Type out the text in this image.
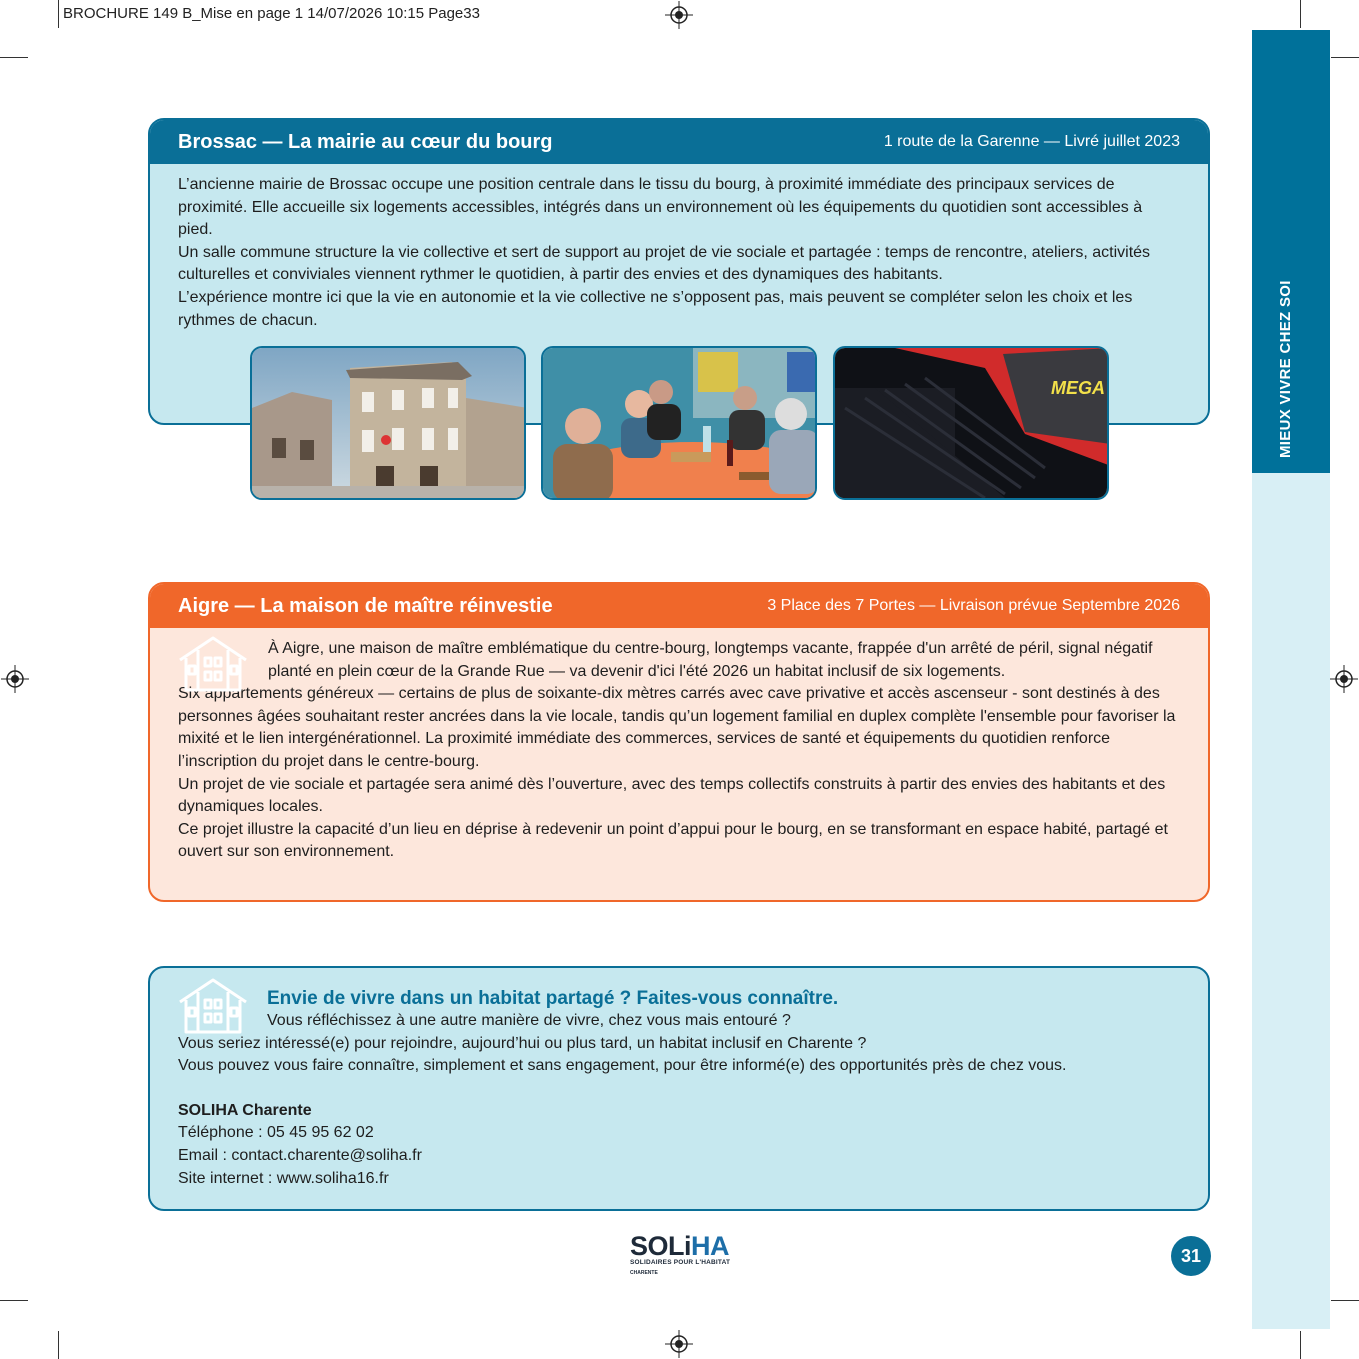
BROCHURE 149 B_Mise en page 1 14/07/2026 10:15 Page33
MIEUX VIVRE CHEZ SOI
Brossac — La mairie au cœur du bourg	1 route de la Garenne — Livré juillet 2023

L’ancienne mairie de Brossac occupe une position centrale dans le tissu du bourg, à proximité immédiate des principaux services de proximité. Elle accueille six logements accessibles, intégrés dans un environnement où les équipements du quotidien sont accessibles à pied.

Un salle commune structure la vie collective et sert de support au projet de vie sociale et partagée : temps de rencontre, ateliers, activités culturelles et conviviales viennent rythmer le quotidien, à partir des envies et des dynamiques des habitants.

L’expérience montre ici que la vie en autonomie et la vie collective ne s’opposent pas, mais peuvent se compléter selon les choix et les rythmes de chacun.

MEGA
Aigre — La maison de maître réinvestie	3 Place des 7 Portes — Livraison prévue Septembre 2026

À Aigre, une maison de maître emblématique du centre-bourg, longtemps vacante, frappée d'un arrêté de péril, signal négatif planté en plein cœur de la Grande Rue — va devenir d'ici l'été 2026 un habitat inclusif de six logements.

Six appartements généreux — certains de plus de soixante-dix mètres carrés avec cave privative et accès ascenseur - sont destinés à des personnes âgées souhaitant rester ancrées dans la vie locale, tandis qu’un logement familial en duplex complète l'ensemble pour favoriser la mixité et le lien intergénérationnel. La proximité immédiate des commerces, services de santé et équipements du quotidien renforce l’inscription du projet dans le centre-bourg.

Un projet de vie sociale et partagée sera animé dès l’ouverture, avec des temps collectifs construits à partir des envies des habitants et des dynamiques locales.

Ce projet illustre la capacité d’un lieu en déprise à redevenir un point d’appui pour le bourg, en se transformant en espace habité, partagé et ouvert sur son environnement.

Envie de vivre dans un habitat partagé ? Faites-vous connaître.
Vous réfléchissez à une autre manière de vivre, chez vous mais entouré ?
Vous seriez intéressé(e) pour rejoindre, aujourd’hui ou plus tard, un habitat inclusif en Charente ?
Vous pouvez vous faire connaître, simplement et sans engagement, pour être informé(e) des opportunités près de chez vous.
SOLIHA Charente
Téléphone : 05 45 95 62 02
Email : contact.charente@soliha.fr
Site internet : www.soliha16.fr
SOLiHA
SOLIDAIRES POUR L'HABITAT
CHARENTE
31
